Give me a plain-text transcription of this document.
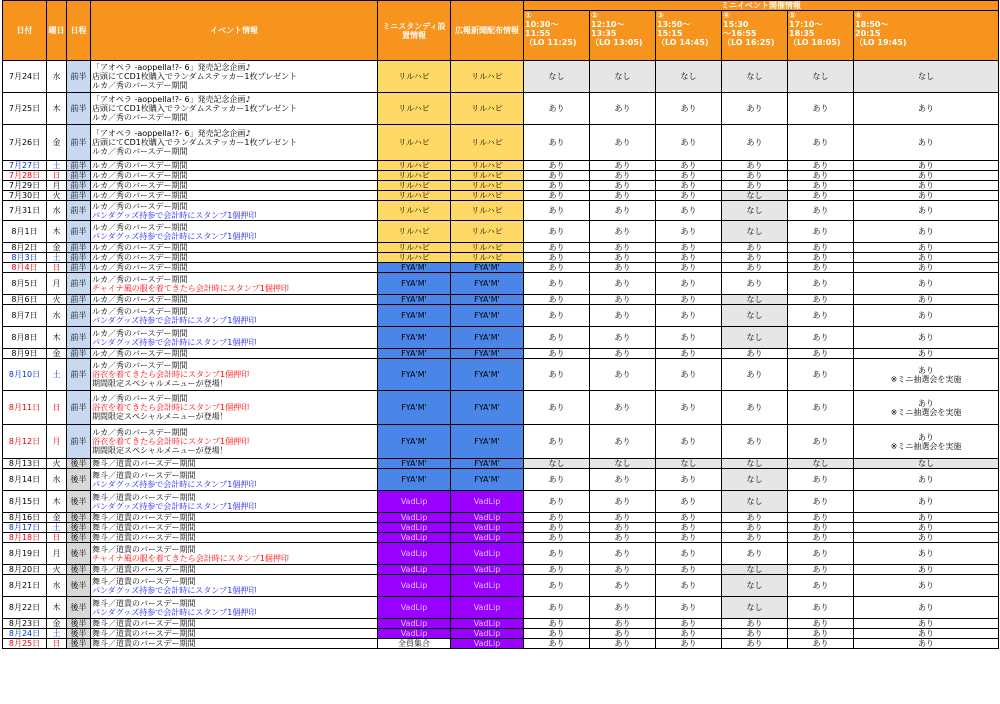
日付	曜日	日程	イベント情報	ミニスタンディ設置情報	広報新聞配布情報	ミニイベント開催情報					

						①
10:30～
11:55
（LO 11:25)	②
12:10～
13:35
（LO 13:05)	③
13:50～
15:15
（LO 14:45)	④
15:30
～16:55
（LO 16:25)	⑤
17:10～
18:35
（LO 18:05)	⑥
18:50～
20:15
（LO 19:45)

7月24日	水	前半	「アオペラ -aoppella!?- 6」発売記念企画♪
店頭にてCD1枚購入でランダムステッカー1枚プレゼント
ルカ／秀のバースデー期間	リルハピ	リルハピ	なし	なし	なし	なし	なし	なし

7月25日	木	前半	「アオペラ -aoppella!?- 6」発売記念企画♪
店頭にてCD1枚購入でランダムステッカー1枚プレゼント
ルカ／秀のバースデー期間	リルハピ	リルハピ	あり	あり	あり	あり	あり	あり

7月26日	金	前半	「アオペラ -aoppella!?- 6」発売記念企画♪
店頭にてCD1枚購入でランダムステッカー1枚プレゼント
ルカ／秀のバースデー期間	リルハピ	リルハピ	あり	あり	あり	あり	あり	あり

7月27日	土	前半	ルカ／秀のバースデー期間	リルハピ	リルハピ	あり	あり	あり	あり	あり	あり

7月28日	日	前半	ルカ／秀のバースデー期間	リルハピ	リルハピ	あり	あり	あり	あり	あり	あり

7月29日	月	前半	ルカ／秀のバースデー期間	リルハピ	リルハピ	あり	あり	あり	あり	あり	あり

7月30日	火	前半	ルカ／秀のバースデー期間	リルハピ	リルハピ	あり	あり	あり	なし	あり	あり

7月31日	水	前半	ルカ／秀のバースデー期間
パンダグッズ持参で会計時にスタンプ1個押印	リルハピ	リルハピ	あり	あり	あり	なし	あり	あり

8月1日	木	前半	ルカ／秀のバースデー期間
パンダグッズ持参で会計時にスタンプ1個押印	リルハピ	リルハピ	あり	あり	あり	なし	あり	あり

8月2日	金	前半	ルカ／秀のバースデー期間	リルハピ	リルハピ	あり	あり	あり	あり	あり	あり

8月3日	土	前半	ルカ／秀のバースデー期間	リルハピ	リルハピ	あり	あり	あり	あり	あり	あり

8月4日	日	前半	ルカ／秀のバースデー期間	FYA'M'	FYA'M'	あり	あり	あり	あり	あり	あり

8月5日	月	前半	ルカ／秀のバースデー期間
チャイナ風の服を着てきたら会計時にスタンプ1個押印	FYA'M'	FYA'M'	あり	あり	あり	あり	あり	あり

8月6日	火	前半	ルカ／秀のバースデー期間	FYA'M'	FYA'M'	あり	あり	あり	なし	あり	あり

8月7日	水	前半	ルカ／秀のバースデー期間
パンダグッズ持参で会計時にスタンプ1個押印	FYA'M'	FYA'M'	あり	あり	あり	なし	あり	あり

8月8日	木	前半	ルカ／秀のバースデー期間
パンダグッズ持参で会計時にスタンプ1個押印	FYA'M'	FYA'M'	あり	あり	あり	なし	あり	あり

8月9日	金	前半	ルカ／秀のバースデー期間	FYA'M'	FYA'M'	あり	あり	あり	あり	あり	あり

8月10日	土	前半	ルカ／秀のバースデー期間
浴衣を着てきたら会計時にスタンプ1個押印
期間限定スペシャルメニューが登場！	FYA'M'	FYA'M'	あり	あり	あり	あり	あり	あり
※ミニ抽選会を実施

8月11日	日	前半	ルカ／秀のバースデー期間
浴衣を着てきたら会計時にスタンプ1個押印
期間限定スペシャルメニューが登場！	FYA'M'	FYA'M'	あり	あり	あり	あり	あり	あり
※ミニ抽選会を実施

8月12日	月	前半	ルカ／秀のバースデー期間
浴衣を着てきたら会計時にスタンプ1個押印
期間限定スペシャルメニューが登場！	FYA'M'	FYA'M'	あり	あり	あり	あり	あり	あり
※ミニ抽選会を実施

8月13日	火	後半	舞斗／道貴のバースデー期間	FYA'M'	FYA'M'	なし	なし	なし	なし	なし	なし

8月14日	水	後半	舞斗／道貴のバースデー期間
パンダグッズ持参で会計時にスタンプ1個押印	FYA'M'	FYA'M'	あり	あり	あり	なし	あり	あり

8月15日	木	後半	舞斗／道貴のバースデー期間
パンダグッズ持参で会計時にスタンプ1個押印	VadLip	VadLip	あり	あり	あり	なし	あり	あり

8月16日	金	後半	舞斗／道貴のバースデー期間	VadLip	VadLip	あり	あり	あり	あり	あり	あり

8月17日	土	後半	舞斗／道貴のバースデー期間	VadLip	VadLip	あり	あり	あり	あり	あり	あり

8月18日	日	後半	舞斗／道貴のバースデー期間	VadLip	VadLip	あり	あり	あり	あり	あり	あり

8月19日	月	後半	舞斗／道貴のバースデー期間
チャイナ風の服を着てきたら会計時にスタンプ1個押印	VadLip	VadLip	あり	あり	あり	あり	あり	あり

8月20日	火	後半	舞斗／道貴のバースデー期間	VadLip	VadLip	あり	あり	あり	なし	あり	あり

8月21日	水	後半	舞斗／道貴のバースデー期間
パンダグッズ持参で会計時にスタンプ1個押印	VadLip	VadLip	あり	あり	あり	なし	あり	あり

8月22日	木	後半	舞斗／道貴のバースデー期間
パンダグッズ持参で会計時にスタンプ1個押印	VadLip	VadLip	あり	あり	あり	なし	あり	あり

8月23日	金	後半	舞斗／道貴のバースデー期間	VadLip	VadLip	あり	あり	あり	あり	あり	あり

8月24日	土	後半	舞斗／道貴のバースデー期間	VadLip	VadLip	あり	あり	あり	あり	あり	あり

8月25日	日	後半	舞斗／道貴のバースデー期間	全員集合	VadLip	あり	あり	あり	あり	あり	あり
